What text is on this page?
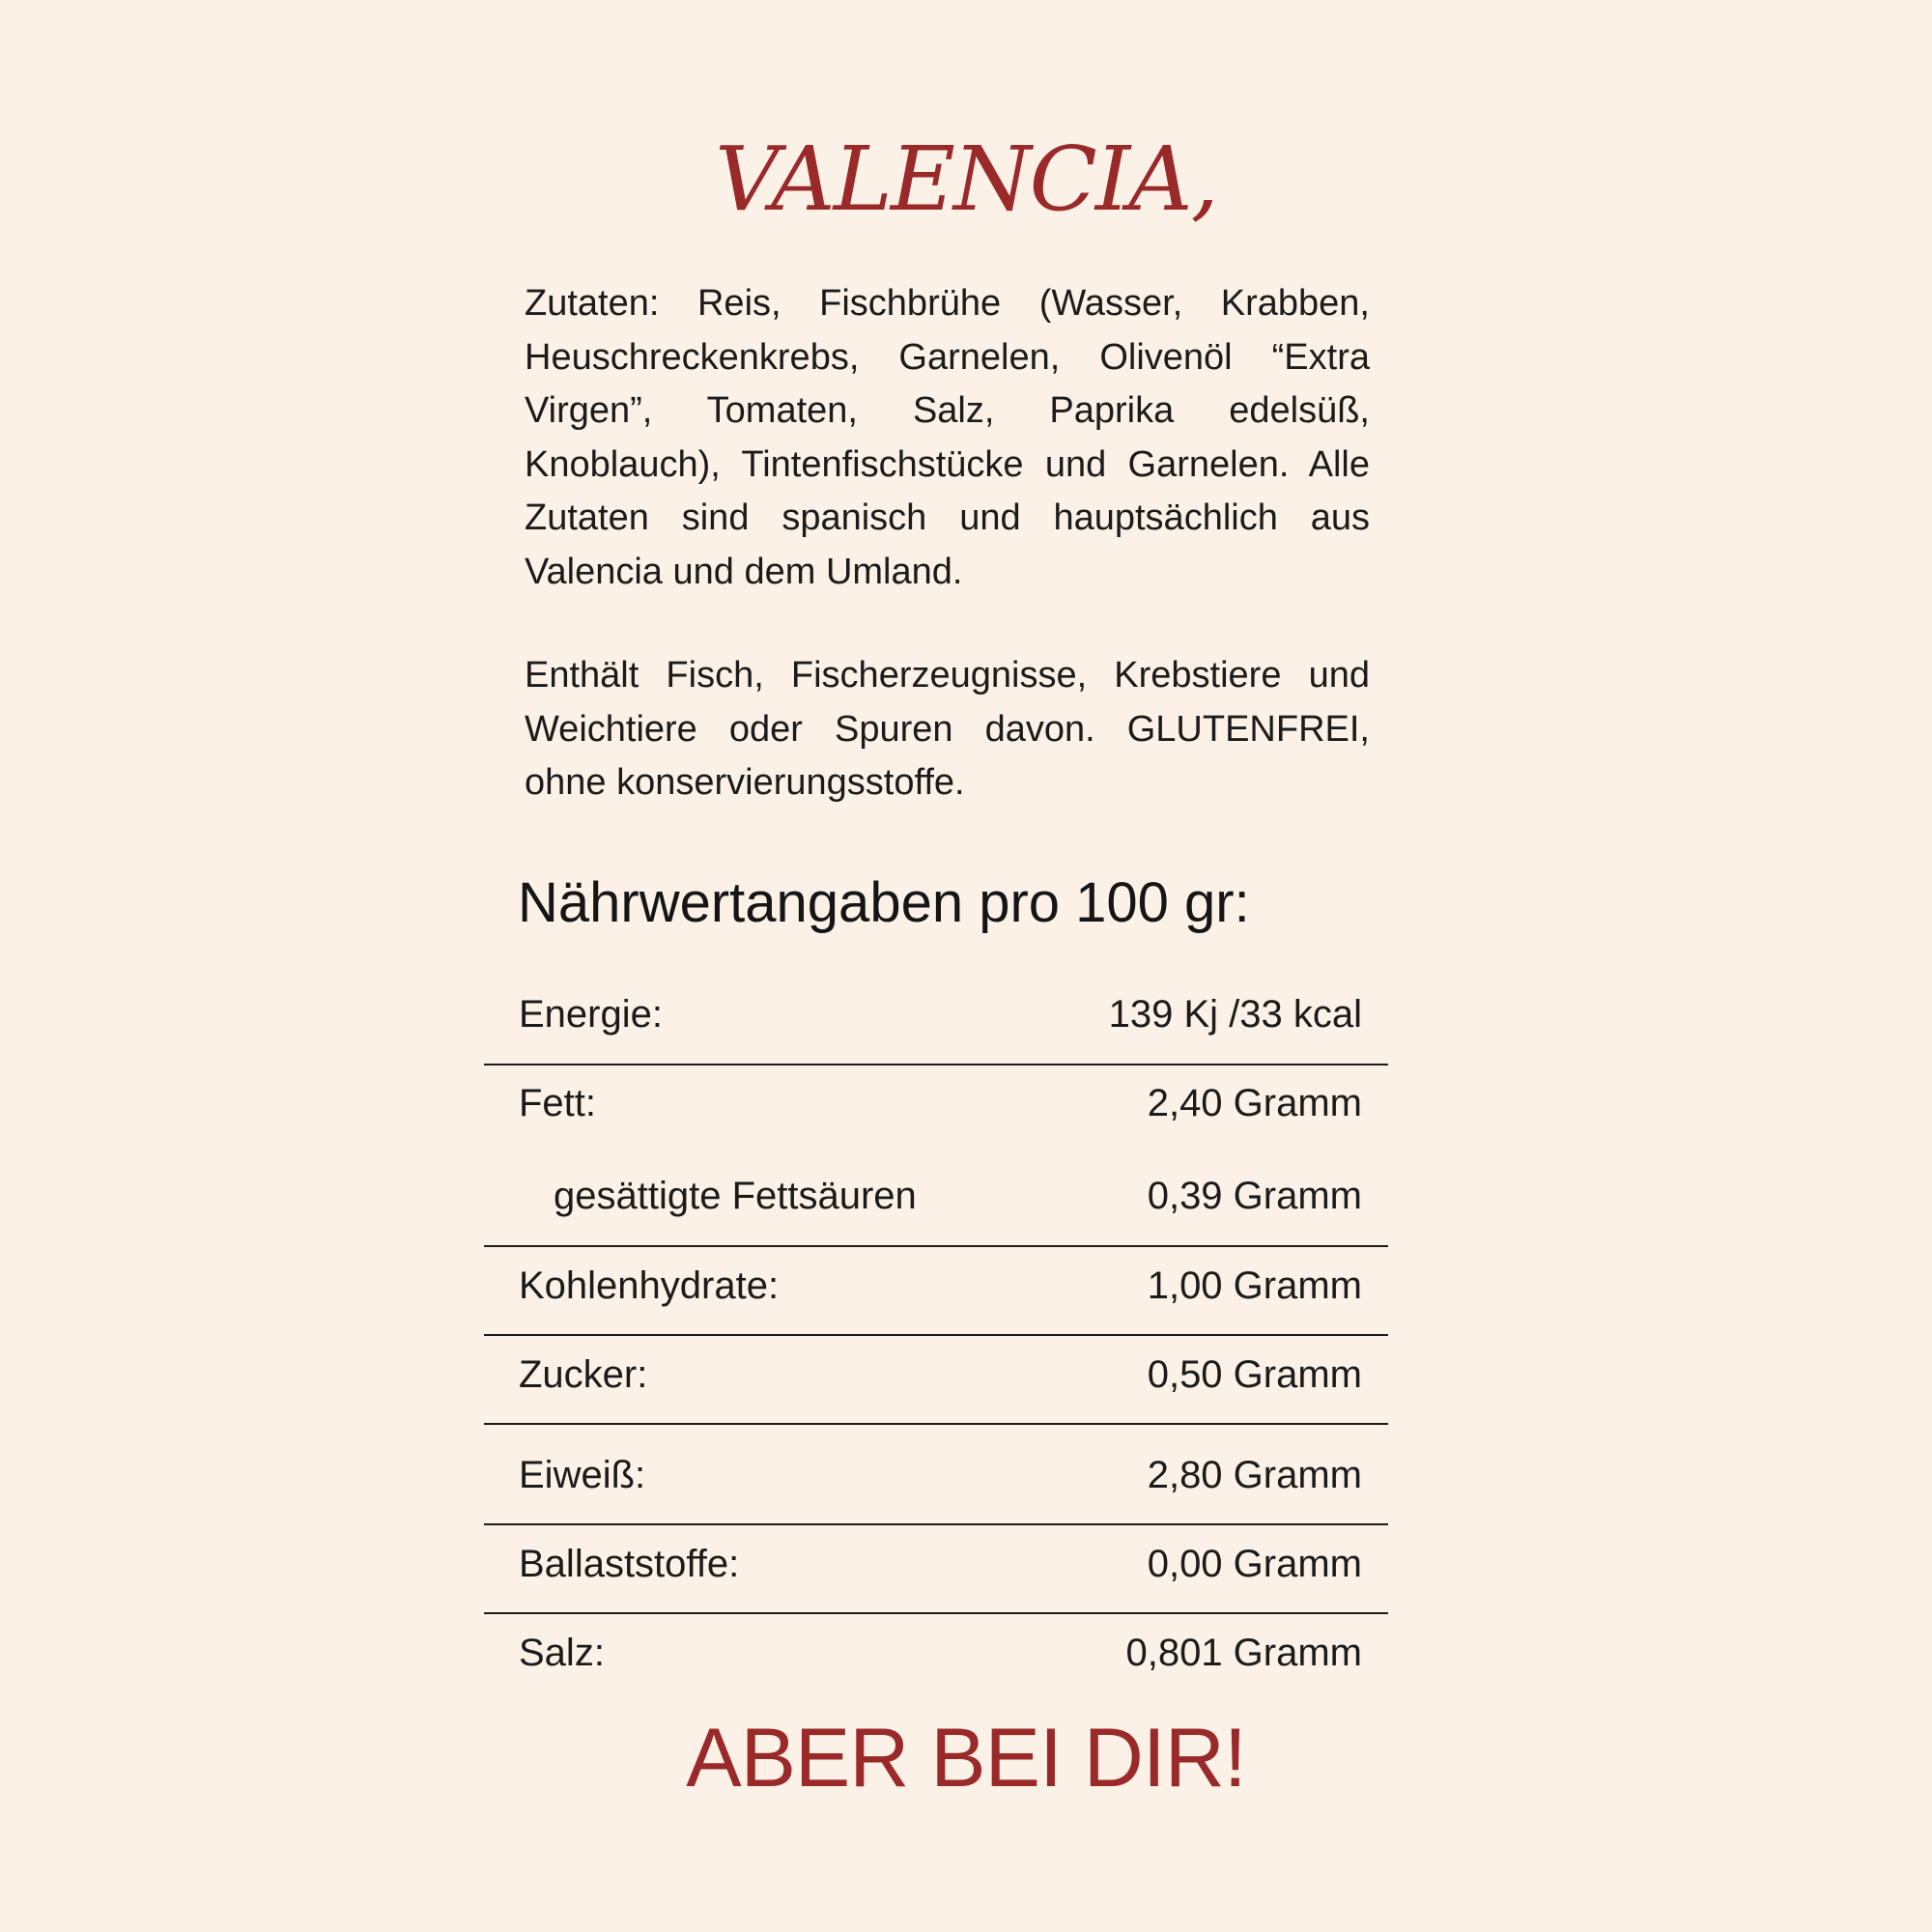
VALENCIA,

Zutaten: Reis, Fischbrühe (Wasser, Krabben, Heuschreckenkrebs, Garnelen, Olivenöl “Extra Virgen”, Tomaten, Salz, Paprika edelsüß, Knoblauch), Tintenfischstücke und Garnelen. Alle Zutaten sind spanisch und hauptsächlich aus Valencia und dem Umland.

Enthält Fisch, Fischerzeugnisse, Krebstiere und Weichtiere oder Spuren davon. GLUTENFREI, ohne konservierungsstoffe.

Nährwertangaben pro 100 gr:
Energie:	139 Kj /33 kcal
Fett:	2,40 Gramm
gesättigte Fettsäuren	0,39 Gramm
Kohlenhydrate:	1,00 Gramm
Zucker:	0,50 Gramm
Eiweiß:	2,80 Gramm
Ballaststoffe:	0,00 Gramm
Salz:	0,801 Gramm
ABER BEI DIR!
